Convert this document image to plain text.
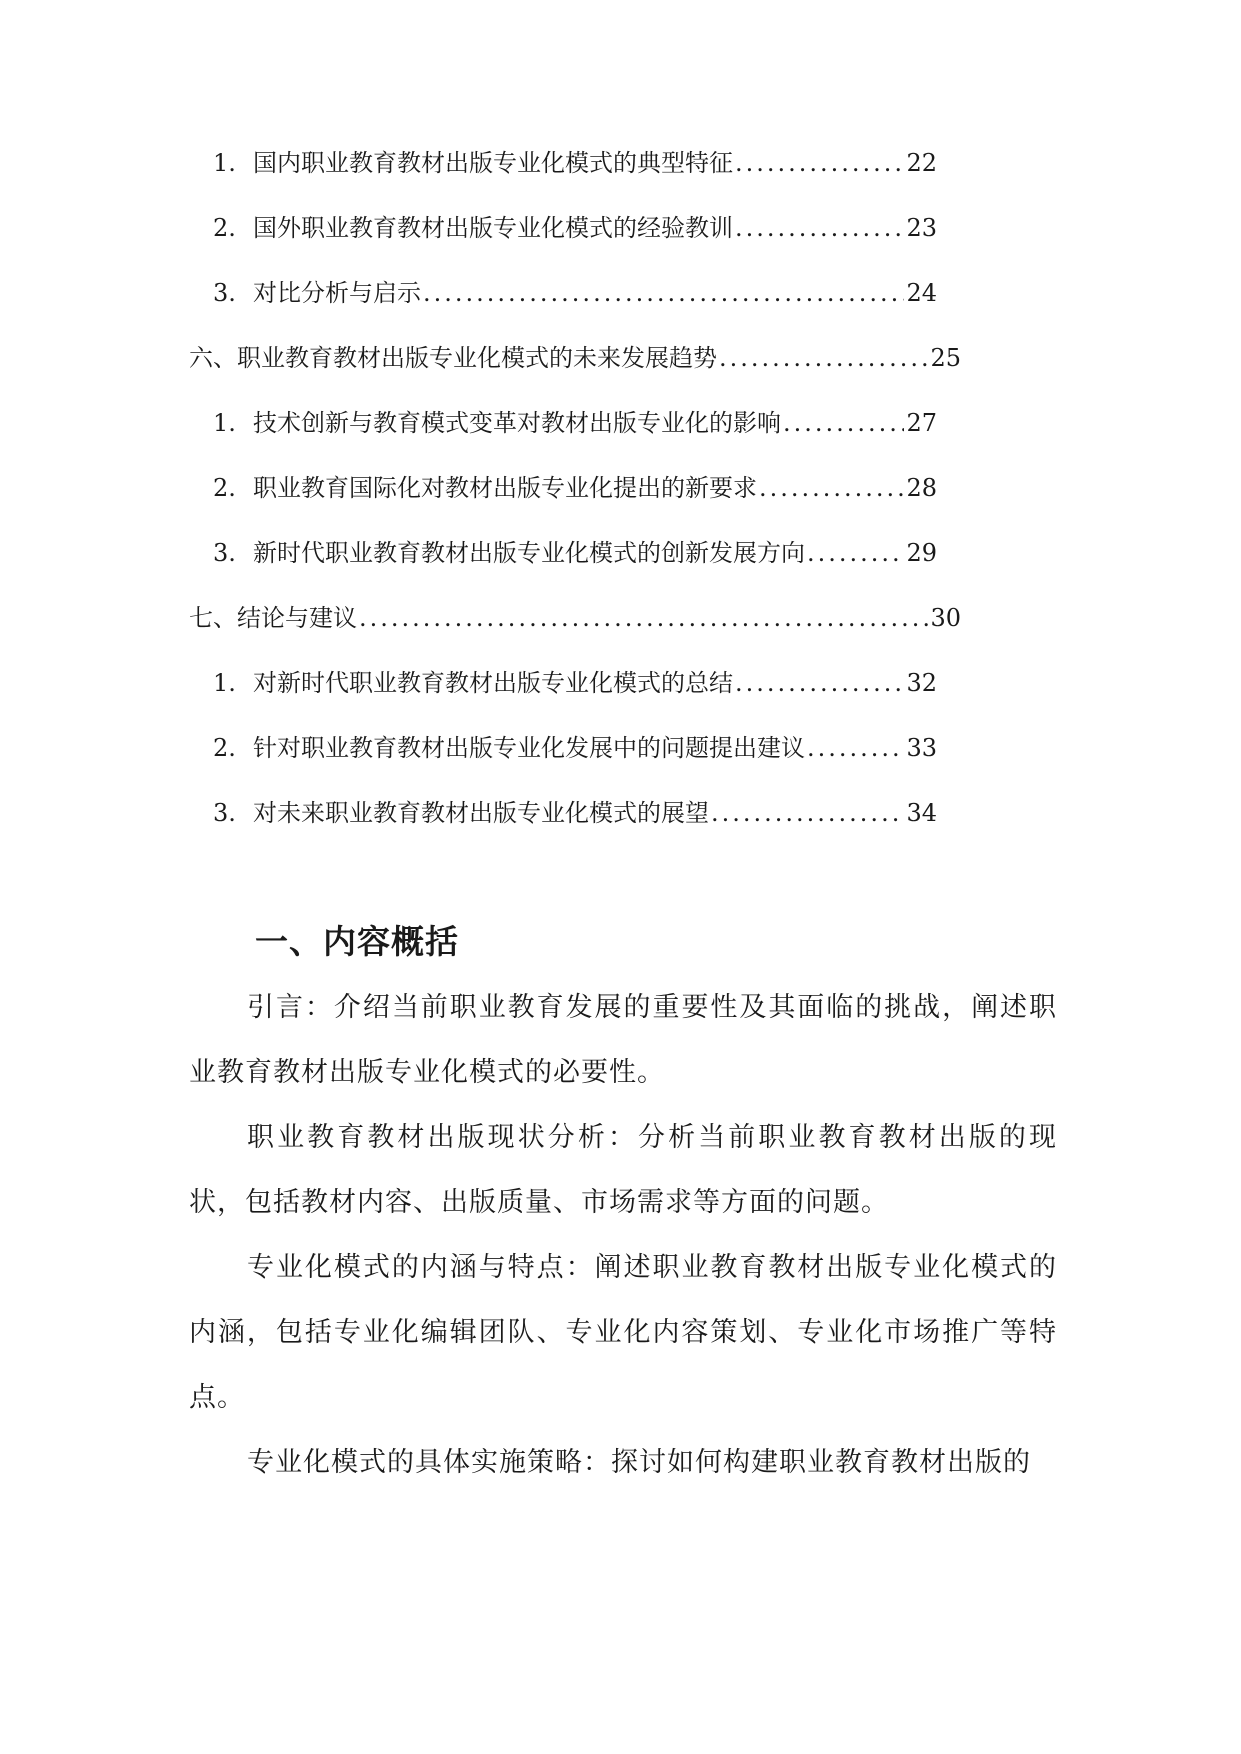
1. 国内职业教育教材出版专业化模式的典型特征 .....	22
2. 国外职业教育教材出版专业化模式的经验教训 .....	23
3. 对比分析与启示 .....	24
六、职业教育教材出版专业化模式的未来发展趋势 .....	25
1. 技术创新与教育模式变革对教材出版专业化的影响 .....	27
2. 职业教育国际化对教材出版专业化提出的新要求 .....	28
3. 新时代职业教育教材出版专业化模式的创新发展方向 .....	29
七、结论与建议 .....	30
1. 对新时代职业教育教材出版专业化模式的总结 .....	32
2. 针对职业教育教材出版专业化发展中的问题提出建议 .....	33
3. 对未来职业教育教材出版专业化模式的展望 .....	34
一、内容概括

引言：介绍当前职业教育发展的重要性及其面临的挑战，阐述职业教育教材出版专业化模式的必要性。

职业教育教材出版现状分析：分析当前职业教育教材出版的现状，包括教材内容、出版质量、市场需求等方面的问题。

专业化模式的内涵与特点：阐述职业教育教材出版专业化模式的内涵，包括专业化编辑团队、专业化内容策划、专业化市场推广等特点。

专业化模式的具体实施策略：探讨如何构建职业教育教材出版的
